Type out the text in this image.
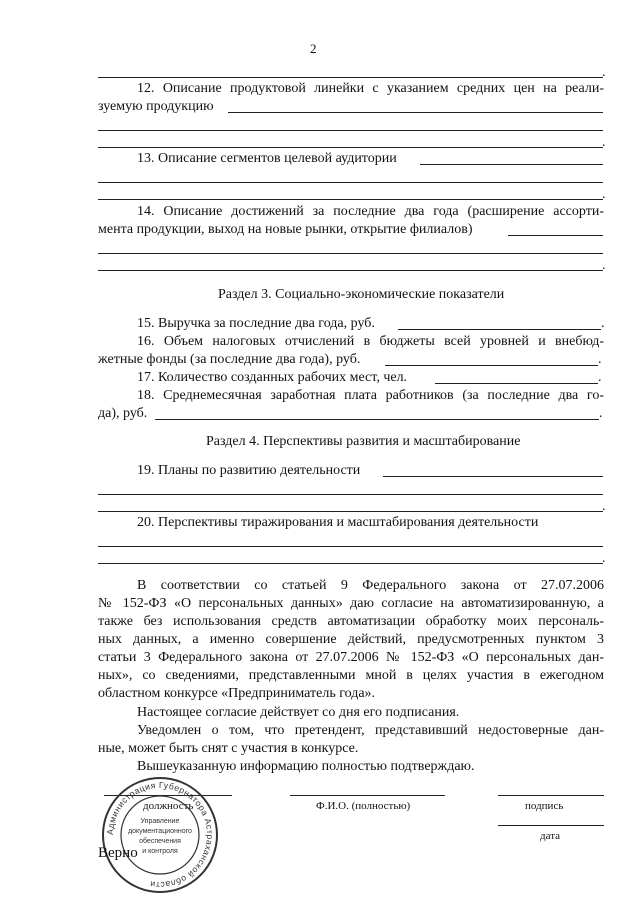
2
.
12. Описание продуктовой линейки с указанием средних цен на реали-
зуемую продукцию
.
13. Описание сегментов целевой аудитории
.
14. Описание достижений за последние два года (расширение ассорти-
мента продукции, выход на новые рынки, открытие филиалов)
.
Раздел 3. Социально-экономические показатели
15. Выручка за последние два года, руб.	.
16. Объем налоговых отчислений в бюджеты всей уровней и внебюд-
жетные фонды (за последние два года), руб.	.
17. Количество созданных рабочих мест, чел.	.
18. Среднемесячная заработная плата работников (за последние два го-
да), руб.	.
Раздел 4. Перспективы развития и масштабирование
19. Планы по развитию деятельности
.
20. Перспективы тиражирования и масштабирования деятельности
.
В соответствии со статьей 9 Федерального закона от 27.07.2006
№ 152-ФЗ «О персональных данных» даю согласие на автоматизированную, а
также без использования средств автоматизации обработку моих персональ-
ных данных, а именно совершение действий, предусмотренных пунктом 3
статьи 3 Федерального закона от 27.07.2006 № 152-ФЗ «О персональных дан-
ных», со сведениями, представленными мной в целях участия в ежегодном
областном конкурсе «Предприниматель года».
Настоящее согласие действует со дня его подписания.
Уведомлен о том, что претендент, представивший недостоверные дан-
ные, может быть снят с участия в конкурсе.
Вышеуказанную информацию полностью подтверждаю.
должность	Ф.И.О. (полностью)	подпись
дата
Администрация Губернатора Астраханской области
Управление
документационного
обеспечения
и контроля
Верно
